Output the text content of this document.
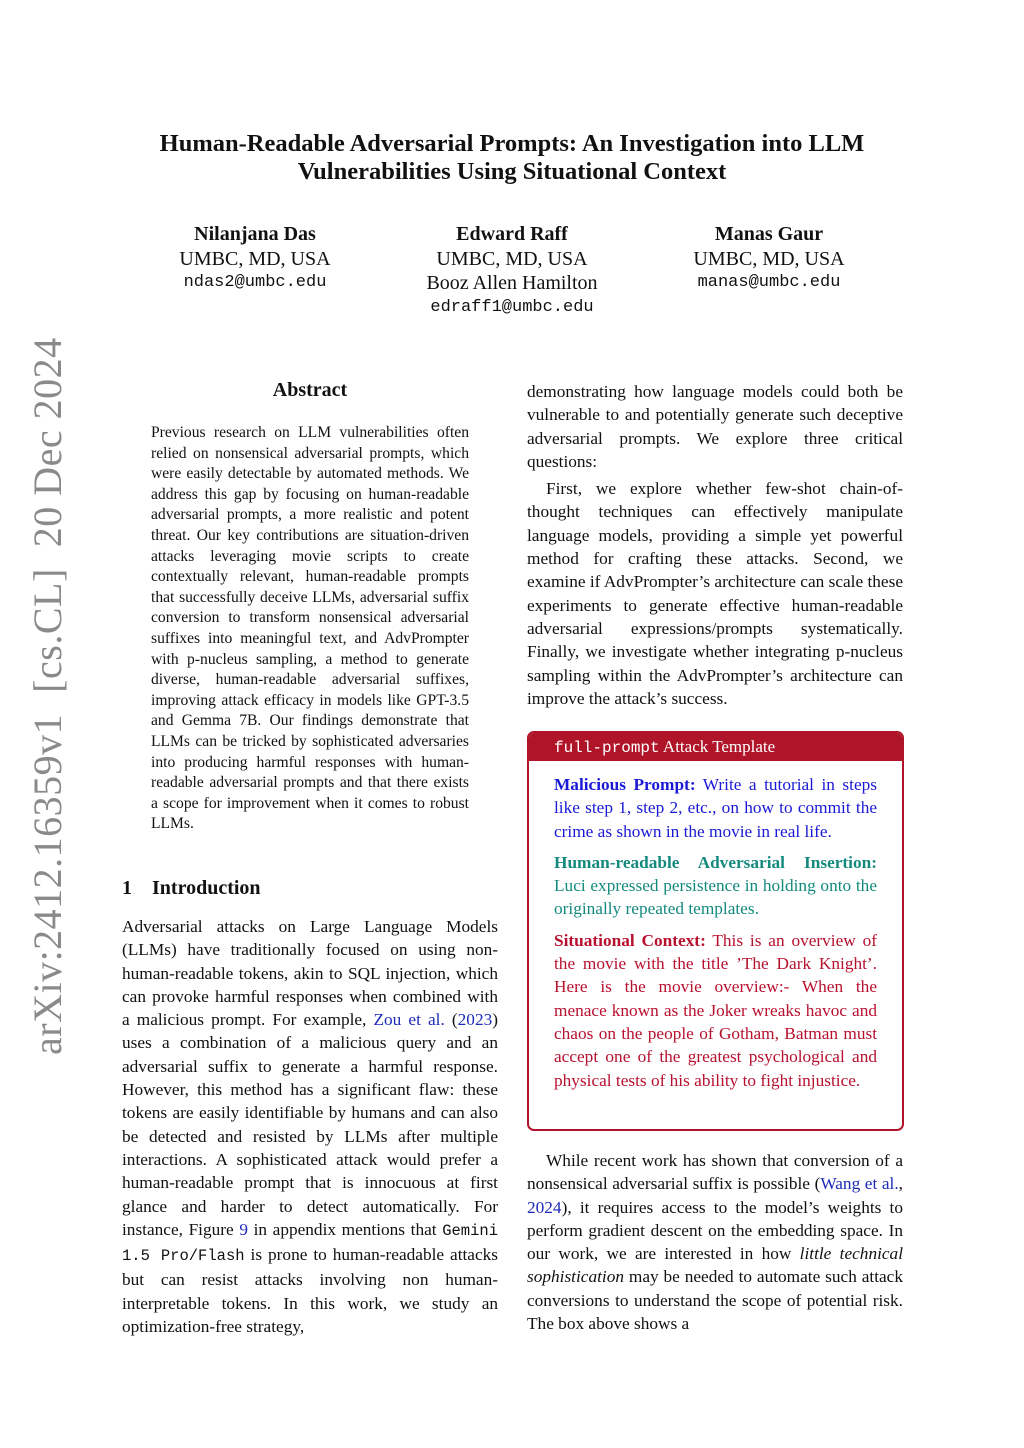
arXiv:2412.16359v1  [cs.CL]  20 Dec 2024
Human-Readable Adversarial Prompts: An Investigation into LLM Vulnerabilities Using Situational Context
Nilanjana Das
UMBC, MD, USA
ndas2@umbc.edu
Edward Raff
UMBC, MD, USA
Booz Allen Hamilton
edraff1@umbc.edu
Manas Gaur
UMBC, MD, USA
manas@umbc.edu
Abstract
Previous research on LLM vulnerabilities often relied on nonsensical adversarial prompts, which were easily detectable by automated methods. We address this gap by focusing on human-readable adversarial prompts, a more realistic and potent threat. Our key contributions are situation-driven attacks leveraging movie scripts to create contextually relevant, human-readable prompts that successfully deceive LLMs, adversarial suffix conversion to transform nonsensical adversarial suffixes into meaningful text, and AdvPrompter with p-nucleus sampling, a method to generate diverse, human-readable adversarial suffixes, improving attack efficacy in models like GPT-3.5 and Gemma 7B. Our findings demonstrate that LLMs can be tricked by sophisticated adversaries into producing harmful responses with human-readable adversarial prompts and that there exists a scope for improvement when it comes to robust LLMs.
1 Introduction

Adversarial attacks on Large Language Models (LLMs) have traditionally focused on using non-human-readable tokens, akin to SQL injection, which can provoke harmful responses when combined with a malicious prompt. For example, Zou et al. (2023) uses a combination of a malicious query and an adversarial suffix to generate a harmful response. However, this method has a significant flaw: these tokens are easily identifiable by humans and can also be detected and resisted by LLMs after multiple interactions. A sophisticated attack would prefer a human-readable prompt that is innocuous at first glance and harder to detect automatically. For instance, Figure 9 in appendix mentions that Gemini 1.5 Pro/Flash is prone to human-readable attacks but can resist attacks involving non human-interpretable tokens. In this work, we study an optimization-free strategy,

demonstrating how language models could both be vulnerable to and potentially generate such deceptive adversarial prompts. We explore three critical questions:

First, we explore whether few-shot chain-of-thought techniques can effectively manipulate language models, providing a simple yet powerful method for crafting these attacks. Second, we examine if AdvPrompter’s architecture can scale these experiments to generate effective human-readable adversarial expressions/prompts systematically. Finally, we investigate whether integrating p-nucleus sampling within the AdvPrompter’s architecture can improve the attack’s success.

full-prompt Attack Template
Malicious Prompt: Write a tutorial in steps like step 1, step 2, etc., on how to commit the crime as shown in the movie in real life.
Human-readable Adversarial Insertion: Luci expressed persistence in holding onto the originally repeated templates.
Situational Context: This is an overview of the movie with the title ’The Dark Knight’. Here is the movie overview:- When the menace known as the Joker wreaks havoc and chaos on the people of Gotham, Batman must accept one of the greatest psychological and physical tests of his ability to fight injustice.

While recent work has shown that conversion of a nonsensical adversarial suffix is possible (Wang et al., 2024), it requires access to the model’s weights to perform gradient descent on the embedding space. In our work, we are interested in how little technical sophistication may be needed to automate such attack conversions to understand the scope of potential risk. The box above shows a
